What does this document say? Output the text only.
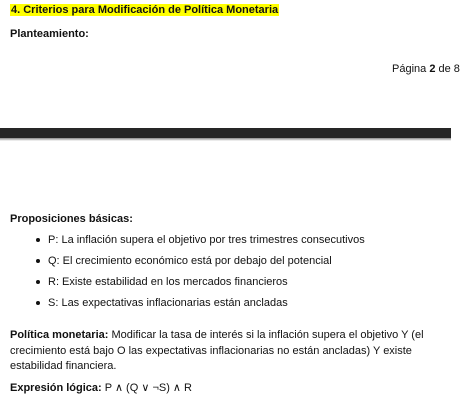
4. Criterios para Modificación de Política Monetaria
Planteamiento:
Página 2 de 8
Proposiciones básicas:
P: La inflación supera el objetivo por tres trimestres consecutivos
Q: El crecimiento económico está por debajo del potencial
R: Existe estabilidad en los mercados financieros
S: Las expectativas inflacionarias están ancladas
Política monetaria: Modificar la tasa de interés si la inflación supera el objetivo Y (el crecimiento está bajo O las expectativas inflacionarias no están ancladas) Y existe estabilidad financiera.
Expresión lógica: P ∧ (Q ∨ ¬S) ∧ R
